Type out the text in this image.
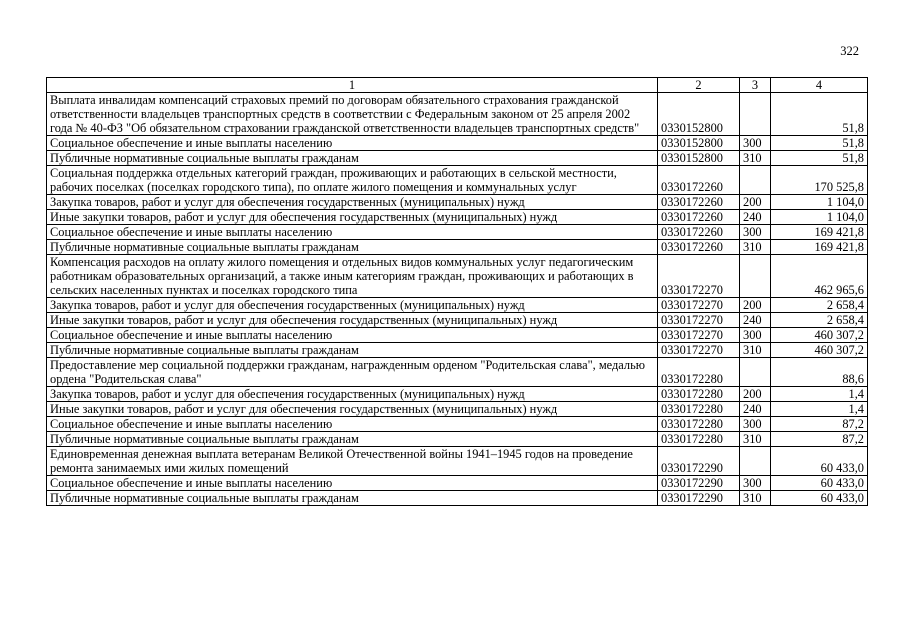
322
1	2	3	4
Выплата инвалидам компенсаций страховых премий по договорам обязательного страхования гражданской ответственности владельцев транспортных средств в соответствии с Федеральным законом от 25 апреля 2002 года № 40-ФЗ "Об обязательном страховании гражданской ответственности владельцев транспортных средств"	0330152800		51,8
Социальное обеспечение и иные выплаты населению	0330152800	300	51,8
Публичные нормативные социальные выплаты гражданам	0330152800	310	51,8
Социальная поддержка отдельных категорий граждан, проживающих и работающих в сельской местности, рабочих поселках (поселках городского типа), по оплате жилого помещения и коммунальных услуг	0330172260		170 525,8
Закупка товаров, работ и услуг для обеспечения государственных (муниципальных) нужд	0330172260	200	1 104,0
Иные закупки товаров, работ и услуг для обеспечения государственных (муниципальных) нужд	0330172260	240	1 104,0
Социальное обеспечение и иные выплаты населению	0330172260	300	169 421,8
Публичные нормативные социальные выплаты гражданам	0330172260	310	169 421,8
Компенсация расходов на оплату жилого помещения и отдельных видов коммунальных услуг педагогическим работникам образовательных организаций, а также иным категориям граждан, проживающих и работающих в сельских населенных пунктах и поселках городского типа	0330172270		462 965,6
Закупка товаров, работ и услуг для обеспечения государственных (муниципальных) нужд	0330172270	200	2 658,4
Иные закупки товаров, работ и услуг для обеспечения государственных (муниципальных) нужд	0330172270	240	2 658,4
Социальное обеспечение и иные выплаты населению	0330172270	300	460 307,2
Публичные нормативные социальные выплаты гражданам	0330172270	310	460 307,2
Предоставление мер социальной поддержки гражданам, награжденным орденом "Родительская слава", медалью ордена "Родительская слава"	0330172280		88,6
Закупка товаров, работ и услуг для обеспечения государственных (муниципальных) нужд	0330172280	200	1,4
Иные закупки товаров, работ и услуг для обеспечения государственных (муниципальных) нужд	0330172280	240	1,4
Социальное обеспечение и иные выплаты населению	0330172280	300	87,2
Публичные нормативные социальные выплаты гражданам	0330172280	310	87,2
Единовременная денежная выплата ветеранам Великой Отечественной войны 1941–1945 годов на проведение ремонта занимаемых ими жилых помещений	0330172290		60 433,0
Социальное обеспечение и иные выплаты населению	0330172290	300	60 433,0
Публичные нормативные социальные выплаты гражданам	0330172290	310	60 433,0
